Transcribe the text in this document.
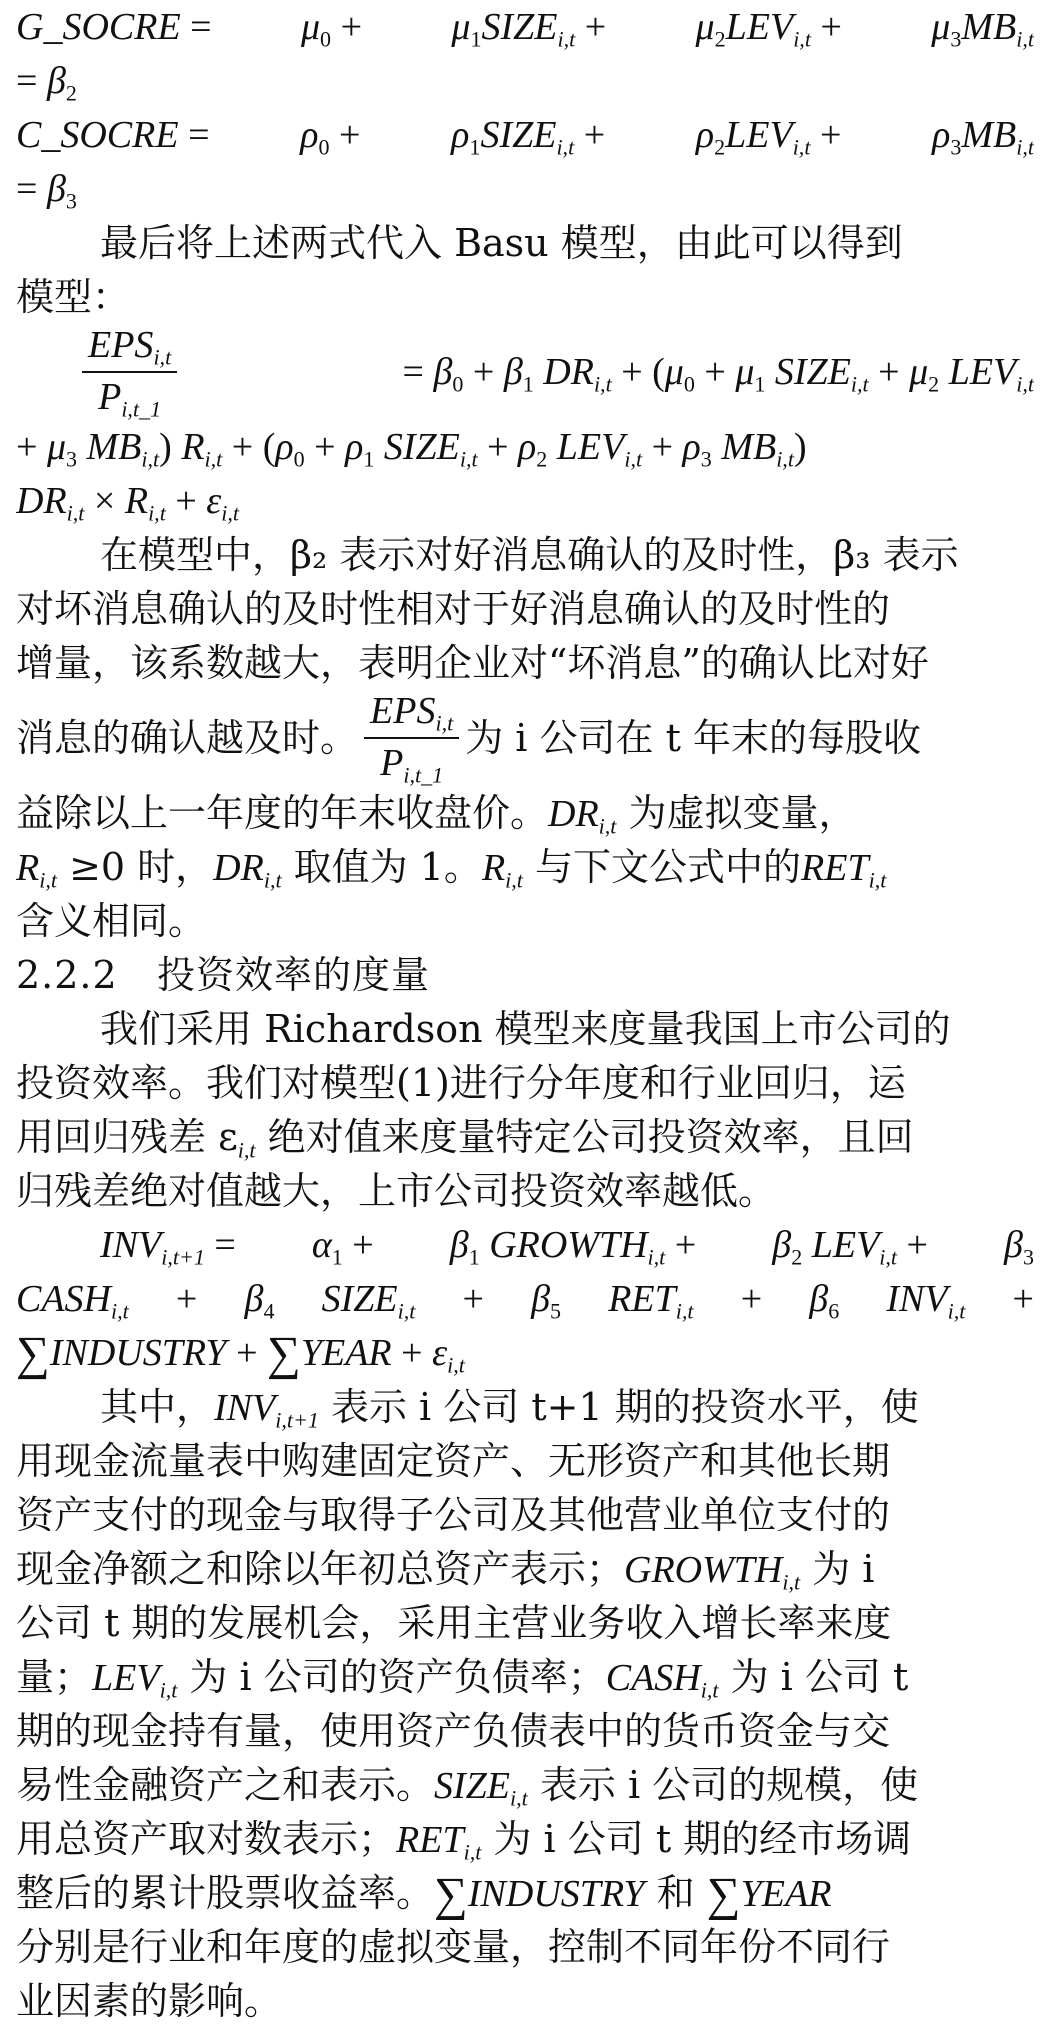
G_SOCRE = $\mu_0$ + $\mu_1SIZE_{i,t} + \mu_2LEV_{i,t} + \mu_3MB_{i,t}$
= $\beta_2$
C_SOCRE = $\rho_0$ + $\rho_1SIZE_{i,t} + \rho_2LEV_{i,t} + \rho_3MB_{i,t}$
= $\beta_3$
最后将上述两式代入 Basu 模型，由此可以得到
模型：
$\frac{EPS_{i,t}}{P_{i,t\_1}}$	= $\beta_0 + \beta_1$ $DR_{i,t} + (\mu_0 + \mu_1$ $SIZE_{i,t} + \mu_2$ $LEV_{i,t}$
+ $\mu_3$ $MB_{i,t}$) $R_{i,t} + (\rho_0 + \rho_1$ $SIZE_{i,t} + \rho_2$ $LEV_{i,t} + \rho_3$ $MB_{i,t}$)
$DR_{i,t} \times R_{i,t} + \varepsilon_{i,t}$
在模型中，β₂ 表示对好消息确认的及时性，β₃ 表示
对坏消息确认的及时性相对于好消息确认的及时性的
增量，该系数越大，表明企业对“坏消息”的确认比对好
消息的确认越及时。 $\frac{EPS_{i,t}}{P_{i,t\_1}}$ 为 i 公司在 t 年末的每股收
益除以上一年度的年末收盘价。$DR_{i,t}$ 为虚拟变量，
$R_{i,t} \ge 0$ 时，$DR_{i,t}$ 取值为 1。$R_{i,t}$ 与下文公式中的$RET_{i,t}$
含义相同。
2.2.2 投资效率的度量
我们采用 Richardson 模型来度量我国上市公司的
投资效率。我们对模型(1)进行分年度和行业回归，运
用回归残差 $\varepsilon_{i,t}$ 绝对值来度量特定公司投资效率，且回
归残差绝对值越大，上市公司投资效率越低。
$INV_{i,t+1} = \alpha_1 + \beta_1$ $GROWTH_{i,t} + \beta_2$ $LEV_{i,t} + \beta_3$
$CASH_{i,t} + \beta_4$ $SIZE_{i,t} + \beta_5$ $RET_{i,t} + \beta_6$ $INV_{i,t}$ +
∑INDUSTRY + ∑YEAR + $\varepsilon_{i,t}$
其中，$INV_{i,t+1}$ 表示 i 公司 t+1 期的投资水平，使
用现金流量表中购建固定资产、无形资产和其他长期
资产支付的现金与取得子公司及其他营业单位支付的
现金净额之和除以年初总资产表示；$GROWTH_{i,t}$ 为 i
公司 t 期的发展机会，采用主营业务收入增长率来度
量；$LEV_{i,t}$ 为 i 公司的资产负债率；$CASH_{i,t}$ 为 i 公司 t
期的现金持有量，使用资产负债表中的货币资金与交
易性金融资产之和表示。$SIZE_{i,t}$ 表示 i 公司的规模，使
用总资产取对数表示；$RET_{i,t}$ 为 i 公司 t 期的经市场调
整后的累计股票收益率。∑INDUSTRY 和 ∑YEAR
分别是行业和年度的虚拟变量，控制不同年份不同行
业因素的影响。
